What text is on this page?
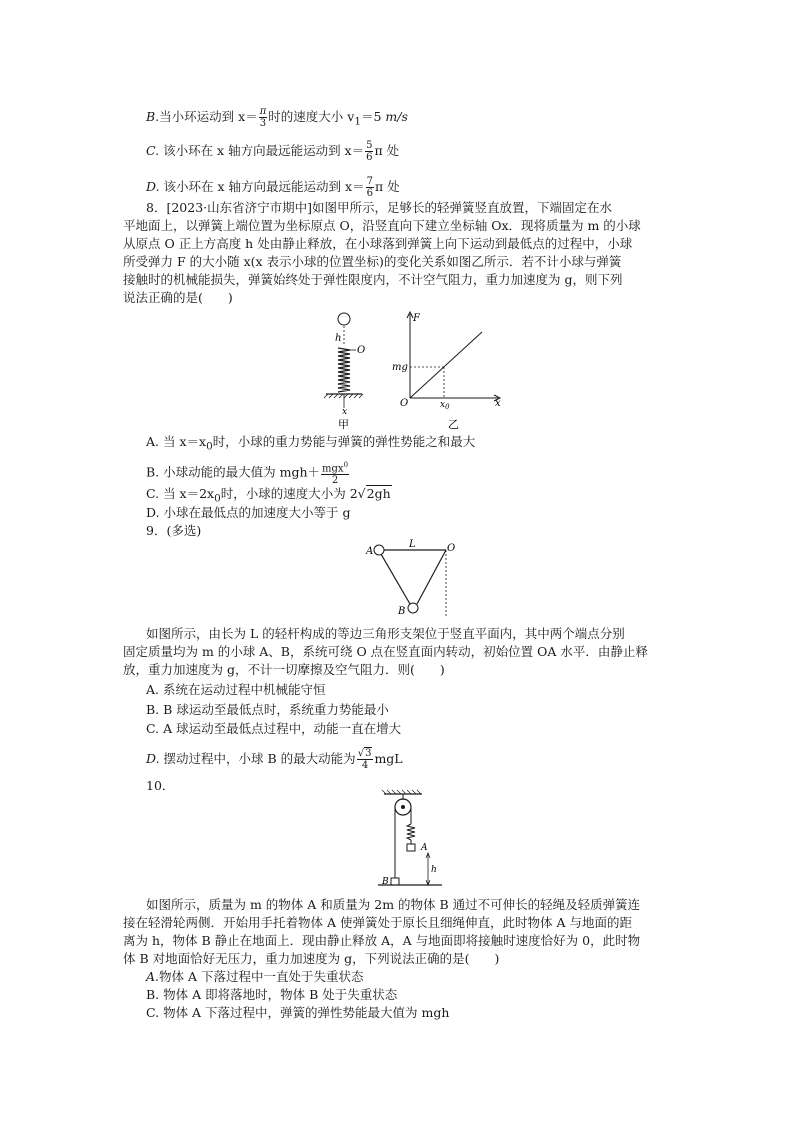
B.当小环运动到 $x= \frac{\pi}{3}$ 时的速度大小 $v_1=5$ m/s
C. 该小环在 x 轴方向最远能运动到 $x= \frac{5}{6}$ π 处
D. 该小环在 x 轴方向最远能运动到 $x= \frac{7}{6}$ π 处
8．[2023·山东省济宁市期中]如图甲所示，足够长的轻弹簧竖直放置，下端固定在水
平地面上，以弹簧上端位置为坐标原点 O，沿竖直向下建立坐标轴 Ox．现将质量为 m 的小球
从原点 O 正上方高度 h 处由静止释放，在小球落到弹簧上向下运动到最低点的过程中，小球
所受弹力 F 的大小随 x(x 表示小球的位置坐标)的变化关系如图乙所示．若不计小球与弹簧
接触时的机械能损失，弹簧始终处于弹性限度内，不计空气阻力，重力加速度为 g，则下列
说法正确的是(　　)
h
O
x
甲
F
mg
O	$x_0$	x
乙
A. 当 $x=x_0$时，小球的重力势能与弹簧的弹性势能之和最大
B. 小球动能的最大值为 $mgh+ \frac{mgx^0}{2}$
C. 当 $x=2x_0$时，小球的速度大小为 2√2gh
D. 小球在最低点的加速度大小等于 g
9．(多选)
A
L	O
B
如图所示，由长为 L 的轻杆构成的等边三角形支架位于竖直平面内，其中两个端点分别
固定质量均为 m 的小球 A、B，系统可绕 O 点在竖直面内转动，初始位置 OA 水平．由静止释
放，重力加速度为 g，不计一切摩擦及空气阻力．则(　　)
A. 系统在运动过程中机械能守恒
B. B 球运动至最低点时，系统重力势能最小
C. A 球运动至最低点过程中，动能一直在增大
D. 摆动过程中，小球 B 的最大动能为 $\frac{√3}{4}$ mgL
10．
A
h
B
如图所示，质量为 m 的物体 A 和质量为 2m 的物体 B 通过不可伸长的轻绳及轻质弹簧连
接在轻滑轮两侧．开始用手托着物体 A 使弹簧处于原长且细绳伸直，此时物体 A 与地面的距
离为 h，物体 B 静止在地面上．现由静止释放 A，A 与地面即将接触时速度恰好为 0，此时物
体 B 对地面恰好无压力，重力加速度为 g，下列说法正确的是(　　)
A.物体 A 下落过程中一直处于失重状态
B. 物体 A 即将落地时，物体 B 处于失重状态
C. 物体 A 下落过程中，弹簧的弹性势能最大值为 mgh
